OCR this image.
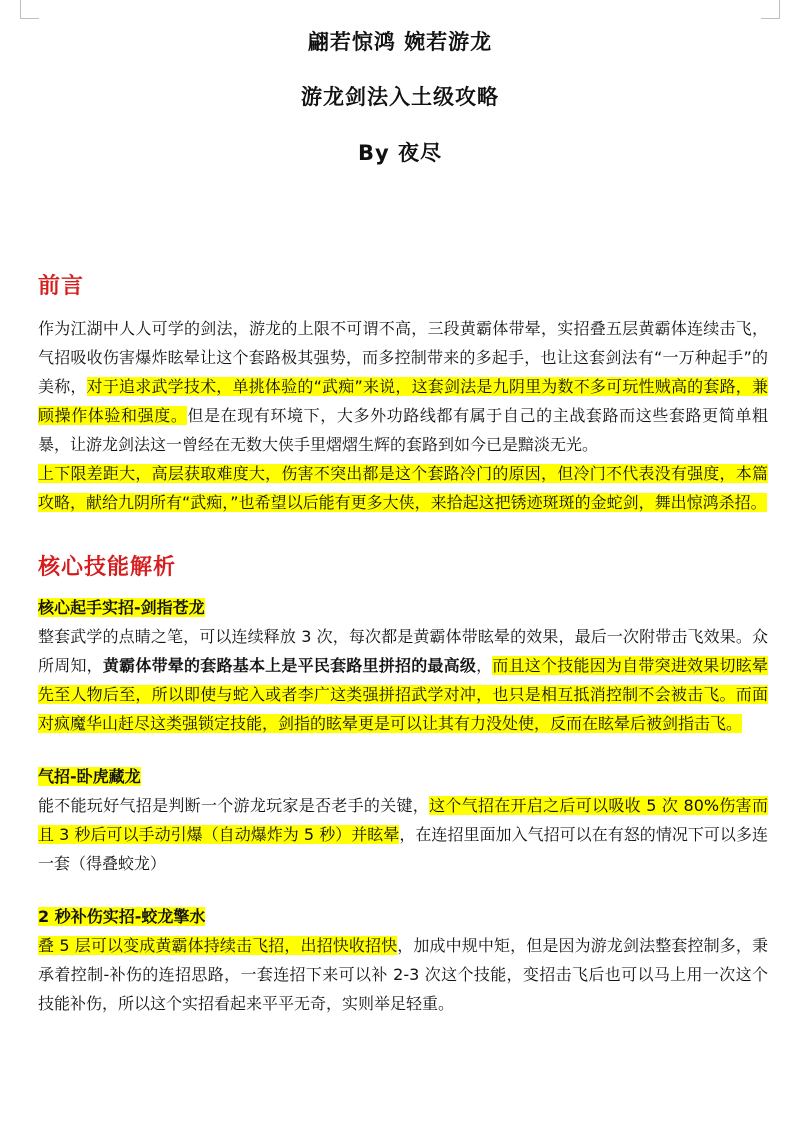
翩若惊鸿 婉若游龙
游龙剑法入土级攻略
By 夜尽
前言

作为江湖中人人可学的剑法，游龙的上限不可谓不高，三段黄霸体带晕，实招叠五层黄霸体连续击飞，气招吸收伤害爆炸眩晕让这个套路极其强势，而多控制带来的多起手，也让这套剑法有“一万种起手”的美称，对于追求武学技术，单挑体验的“武痴”来说，这套剑法是九阴里为数不多可玩性贼高的套路，兼顾操作体验和强度。但是在现有环境下，大多外功路线都有属于自己的主战套路而这些套路更简单粗暴，让游龙剑法这一曾经在无数大侠手里熠熠生辉的套路到如今已是黯淡无光。

上下限差距大，高层获取难度大，伤害不突出都是这个套路冷门的原因，但冷门不代表没有强度，本篇攻略，献给九阴所有“武痴，”也希望以后能有更多大侠，来拾起这把锈迹斑斑的金蛇剑，舞出惊鸿杀招。

核心技能解析

核心起手实招-剑指苍龙

整套武学的点睛之笔，可以连续释放 3 次，每次都是黄霸体带眩晕的效果，最后一次附带击飞效果。众所周知，黄霸体带晕的套路基本上是平民套路里拼招的最高级，而且这个技能因为自带突进效果切眩晕先至人物后至，所以即使与蛇入或者李广这类强拼招武学对冲，也只是相互抵消控制不会被击飞。而面对疯魔华山赶尽这类强锁定技能，剑指的眩晕更是可以让其有力没处使，反而在眩晕后被剑指击飞。

气招-卧虎藏龙

能不能玩好气招是判断一个游龙玩家是否老手的关键，这个气招在开启之后可以吸收 5 次 80%伤害而且 3 秒后可以手动引爆（自动爆炸为 5 秒）并眩晕，在连招里面加入气招可以在有怒的情况下可以多连一套（得叠蛟龙）

2 秒补伤实招-蛟龙擎水

叠 5 层可以变成黄霸体持续击飞招，出招快收招快，加成中规中矩，但是因为游龙剑法整套控制多，秉承着控制-补伤的连招思路，一套连招下来可以补 2-3 次这个技能，变招击飞后也可以马上用一次这个技能补伤，所以这个实招看起来平平无奇，实则举足轻重。
